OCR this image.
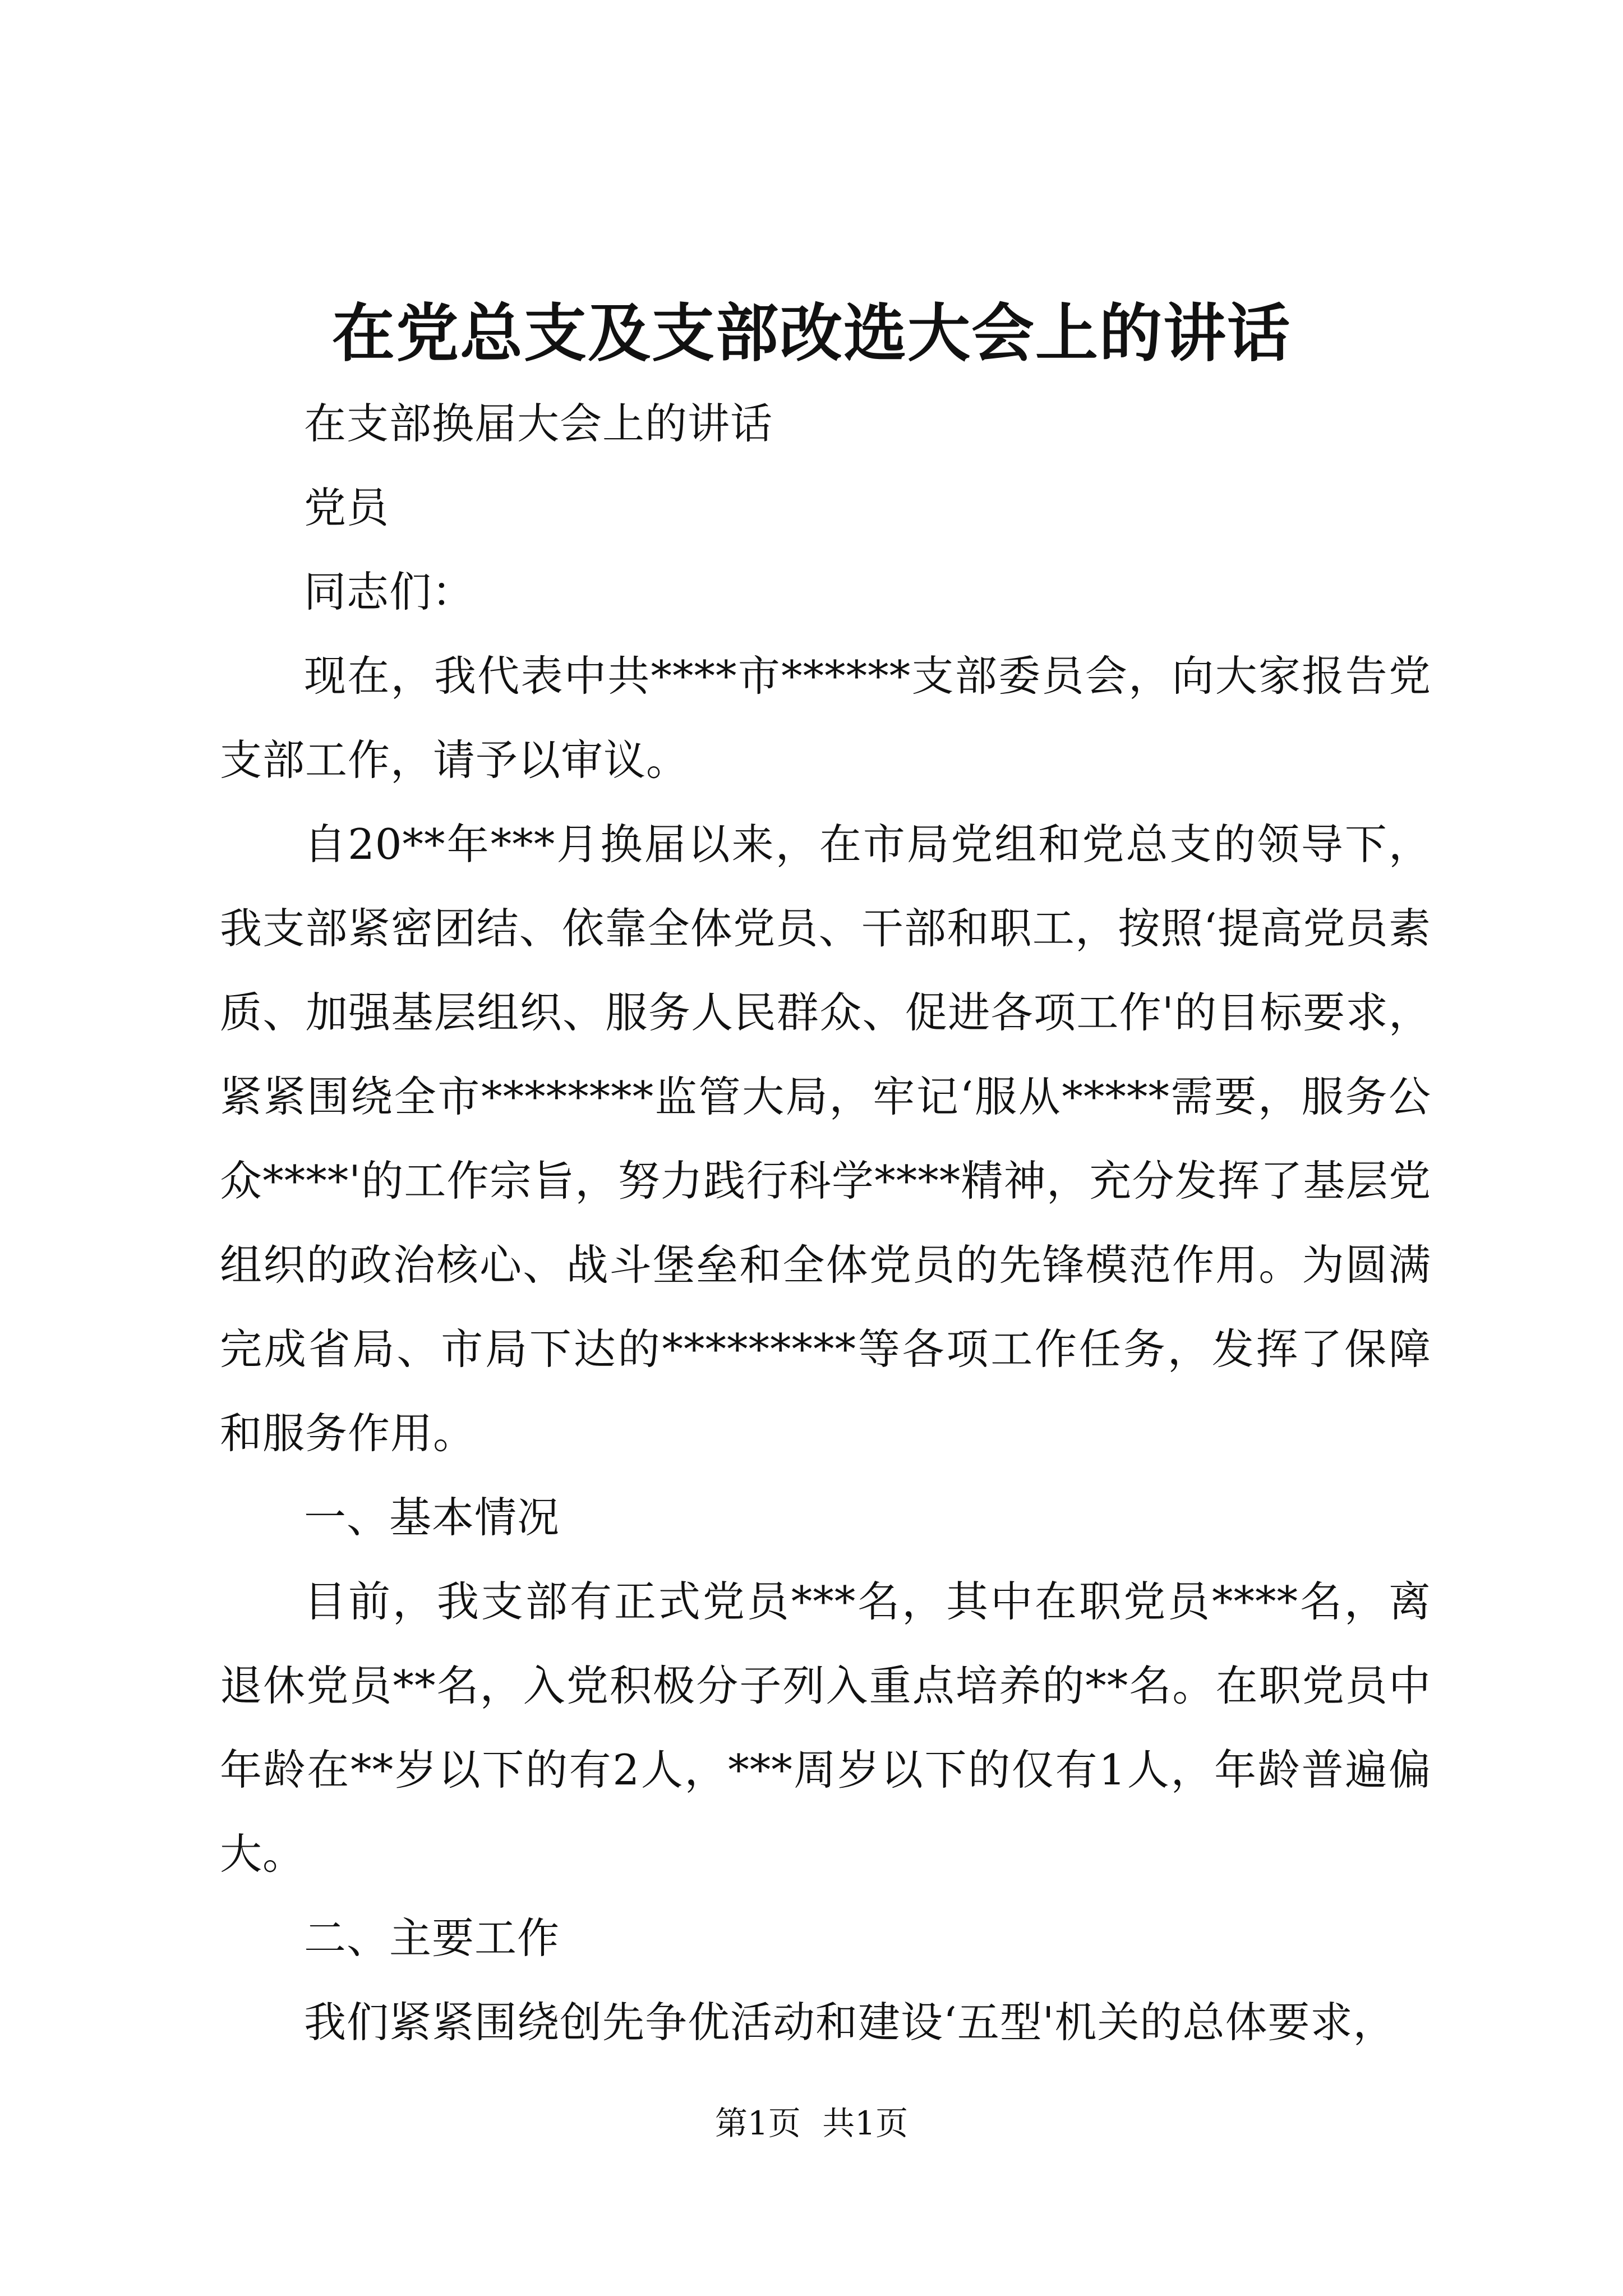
在党总支及支部改选大会上的讲话

在支部换届大会上的讲话

党员

同志们：

现在，我代表中共****市******支部委员会，向大家报告党支部工作，请予以审议。

自20**年***月换届以来，在市局党组和党总支的领导下，我支部紧密团结、依靠全体党员、干部和职工，按照‘提高党员素质、加强基层组织、服务人民群众、促进各项工作'的目标要求，紧紧围绕全市********监管大局，牢记‘服从*****需要，服务公众****'的工作宗旨，努力践行科学****精神，充分发挥了基层党组织的政治核心、战斗堡垒和全体党员的先锋模范作用。为圆满完成省局、市局下达的*********等各项工作任务，发挥了保障和服务作用。

一、基本情况

目前，我支部有正式党员***名，其中在职党员****名，离退休党员**名，入党积极分子列入重点培养的**名。在职党员中年龄在**岁以下的有2人，***周岁以下的仅有1人，年龄普遍偏大。

二、主要工作

我们紧紧围绕创先争优活动和建设‘五型'机关的总体要求，

第1页 共1页
